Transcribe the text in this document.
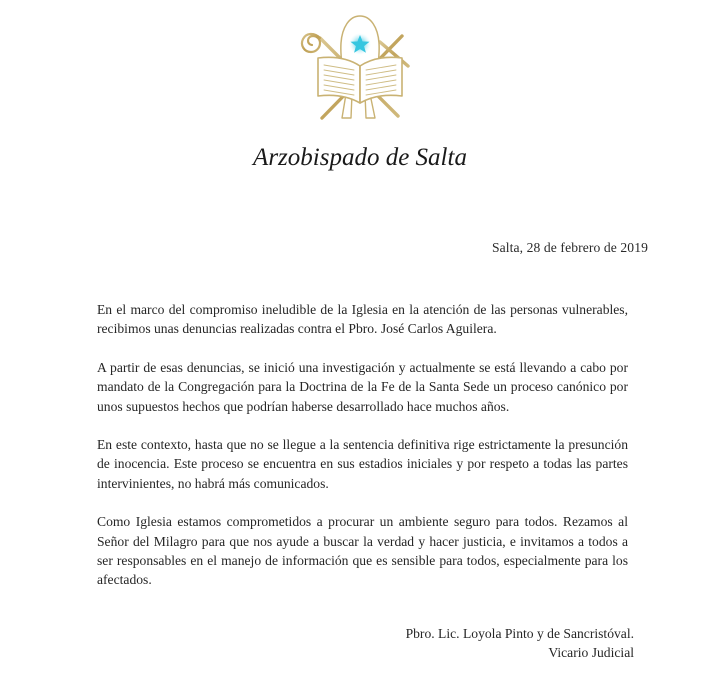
Arzobispado de Salta
Salta, 28 de febrero de 2019

En el marco del compromiso ineludible de la Iglesia en la atención de las personas vulnerables, recibimos unas denuncias realizadas contra el Pbro. José Carlos Aguilera.

A partir de esas denuncias, se inició una investigación y actualmente se está llevando a cabo por mandato de la Congregación para la Doctrina de la Fe de la Santa Sede un proceso canónico por unos supuestos hechos que podrían haberse desarrollado hace muchos años.

En este contexto, hasta que no se llegue a la sentencia definitiva rige estrictamente la presunción de inocencia. Este proceso se encuentra en sus estadios iniciales y por respeto a todas las partes intervinientes, no habrá más comunicados.

Como Iglesia estamos comprometidos a procurar un ambiente seguro para todos. Rezamos al Señor del Milagro para que nos ayude a buscar la verdad y hacer justicia, e invitamos a todos a ser responsables en el manejo de información que es sensible para todos, especialmente para los afectados.

Pbro. Lic. Loyola Pinto y de Sancristóval.
Vicario Judicial
